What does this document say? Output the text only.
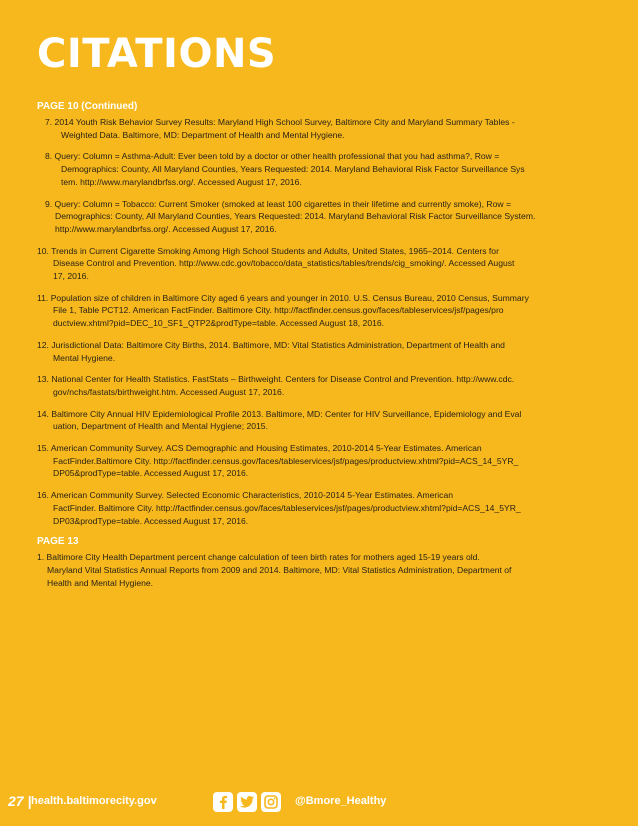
CITATIONS
PAGE 10 (Continued)

7. 2014 Youth Risk Behavior Survey Results: Maryland High School Survey, Baltimore City and Maryland Summary Tables -

Weighted Data. Baltimore, MD: Department of Health and Mental Hygiene.

8. Query: Column = Asthma-Adult: Ever been told by a doctor or other health professional that you had asthma?, Row =

Demographics: County, All Maryland Counties, Years Requested: 2014. Maryland Behavioral Risk Factor Surveillance Sys
tem. http://www.marylandbrfss.org/. Accessed August 17, 2016.

9. Query: Column = Tobacco: Current Smoker (smoked at least 100 cigarettes in their lifetime and currently smoke), Row =

Demographics: County, All Maryland Counties, Years Requested: 2014. Maryland Behavioral Risk Factor Surveillance System.
http://www.marylandbrfss.org/. Accessed August 17, 2016.

10. Trends in Current Cigarette Smoking Among High School Students and Adults, United States, 1965–2014. Centers for

Disease Control and Prevention. http://www.cdc.gov/tobacco/data_statistics/tables/trends/cig_smoking/. Accessed August
17, 2016.

11. Population size of children in Baltimore City aged 6 years and younger in 2010. U.S. Census Bureau, 2010 Census, Summary

File 1, Table PCT12. American FactFinder. Baltimore City. http://factfinder.census.gov/faces/tableservices/jsf/pages/pro
ductview.xhtml?pid=DEC_10_SF1_QTP2&prodType=table. Accessed August 18, 2016.

12. Jurisdictional Data: Baltimore City Births, 2014. Baltimore, MD: Vital Statistics Administration, Department of Health and

Mental Hygiene.

13. National Center for Health Statistics. FastStats – Birthweight. Centers for Disease Control and Prevention. http://www.cdc.

gov/nchs/fastats/birthweight.htm. Accessed August 17, 2016.

14. Baltimore City Annual HIV Epidemiological Profile 2013. Baltimore, MD: Center for HIV Surveillance, Epidemiology and Eval

uation, Department of Health and Mental Hygiene; 2015.

15. American Community Survey. ACS Demographic and Housing Estimates, 2010-2014 5-Year Estimates. American

FactFinder.Baltimore City. http://factfinder.census.gov/faces/tableservices/jsf/pages/productview.xhtml?pid=ACS_14_5YR_
DP05&prodType=table. Accessed August 17, 2016.

16. American Community Survey. Selected Economic Characteristics, 2010-2014 5-Year Estimates. American

FactFinder. Baltimore City. http://factfinder.census.gov/faces/tableservices/jsf/pages/productview.xhtml?pid=ACS_14_5YR_
DP03&prodType=table. Accessed August 17, 2016.
PAGE 13

1. Baltimore City Health Department percent change calculation of teen birth rates for mothers aged 15-19 years old.

Maryland Vital Statistics Annual Reports from 2009 and 2014. Baltimore, MD: Vital Statistics Administration, Department of
Health and Mental Hygiene.
27 | health.baltimorecity.gov	@Bmore_Healthy
